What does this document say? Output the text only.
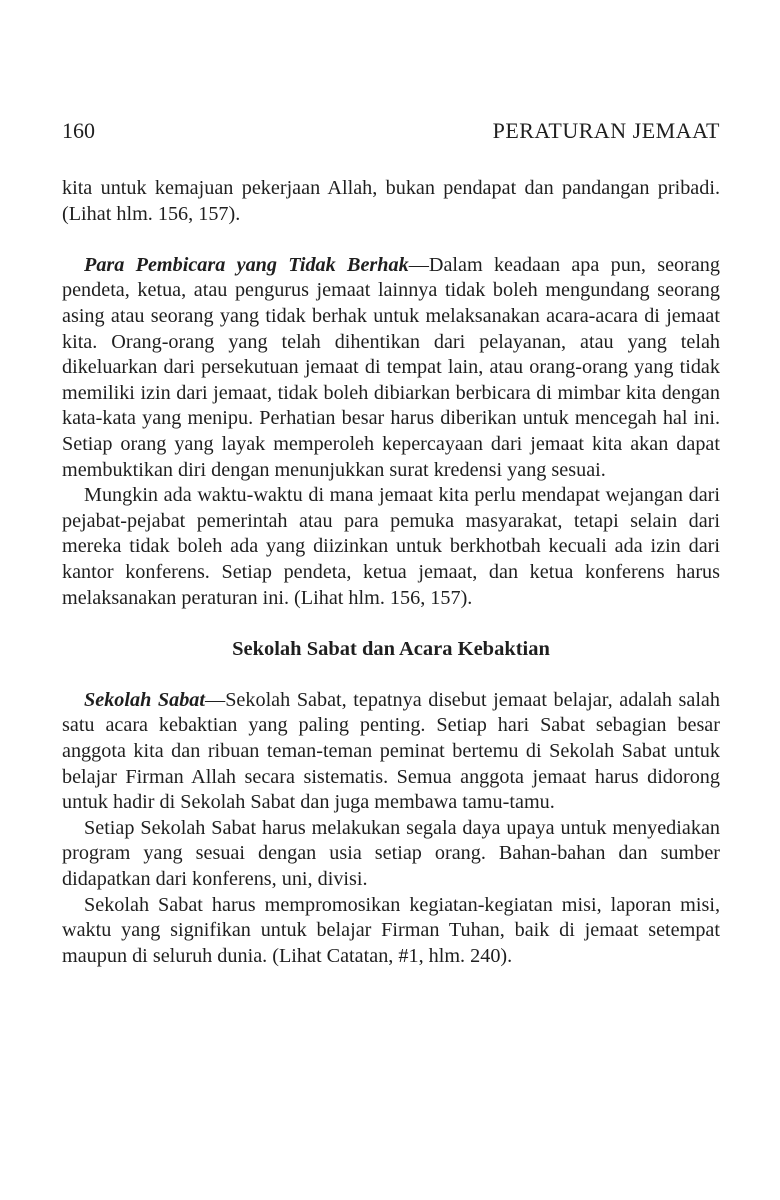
160	PERATURAN JEMAAT

kita untuk kemajuan pekerjaan Allah, bukan pendapat dan pandangan pribadi. (Lihat hlm. 156, 157).

Para Pembicara yang Tidak Berhak—Dalam keadaan apa pun, seorang pendeta, ketua, atau pengurus jemaat lainnya tidak boleh mengundang seorang asing atau seorang yang tidak berhak untuk melaksanakan acara-acara di jemaat kita. Orang-orang yang telah dihentikan dari pelayanan, atau yang telah dikeluarkan dari persekutuan jemaat di tempat lain, atau orang-orang yang tidak memiliki izin dari jemaat, tidak boleh dibiarkan berbicara di mimbar kita dengan kata-kata yang menipu. Perhatian besar harus diberikan untuk mencegah hal ini. Setiap orang yang layak memperoleh kepercayaan dari jemaat kita akan dapat membuktikan diri dengan menunjukkan surat kredensi yang sesuai.

Mungkin ada waktu-waktu di mana jemaat kita perlu mendapat wejangan dari pejabat-pejabat pemerintah atau para pemuka masyarakat, tetapi selain dari mereka tidak boleh ada yang diizinkan untuk berkhotbah kecuali ada izin dari kantor konferens. Setiap pendeta, ketua jemaat, dan ketua konferens harus melaksanakan peraturan ini. (Lihat hlm. 156, 157).

Sekolah Sabat dan Acara Kebaktian

Sekolah Sabat—Sekolah Sabat, tepatnya disebut jemaat belajar, adalah salah satu acara kebaktian yang paling penting. Setiap hari Sabat sebagian besar anggota kita dan ribuan teman-teman peminat bertemu di Sekolah Sabat untuk belajar Firman Allah secara sistematis. Semua anggota jemaat harus didorong untuk hadir di Sekolah Sabat dan juga membawa tamu-tamu.

Setiap Sekolah Sabat harus melakukan segala daya upaya untuk menyediakan program yang sesuai dengan usia setiap orang. Bahan-bahan dan sumber didapatkan dari konferens, uni, divisi.

Sekolah Sabat harus mempromosikan kegiatan-kegiatan misi, laporan misi, waktu yang signifikan untuk belajar Firman Tuhan, baik di jemaat setempat maupun di seluruh dunia. (Lihat Catatan, #1, hlm. 240).
